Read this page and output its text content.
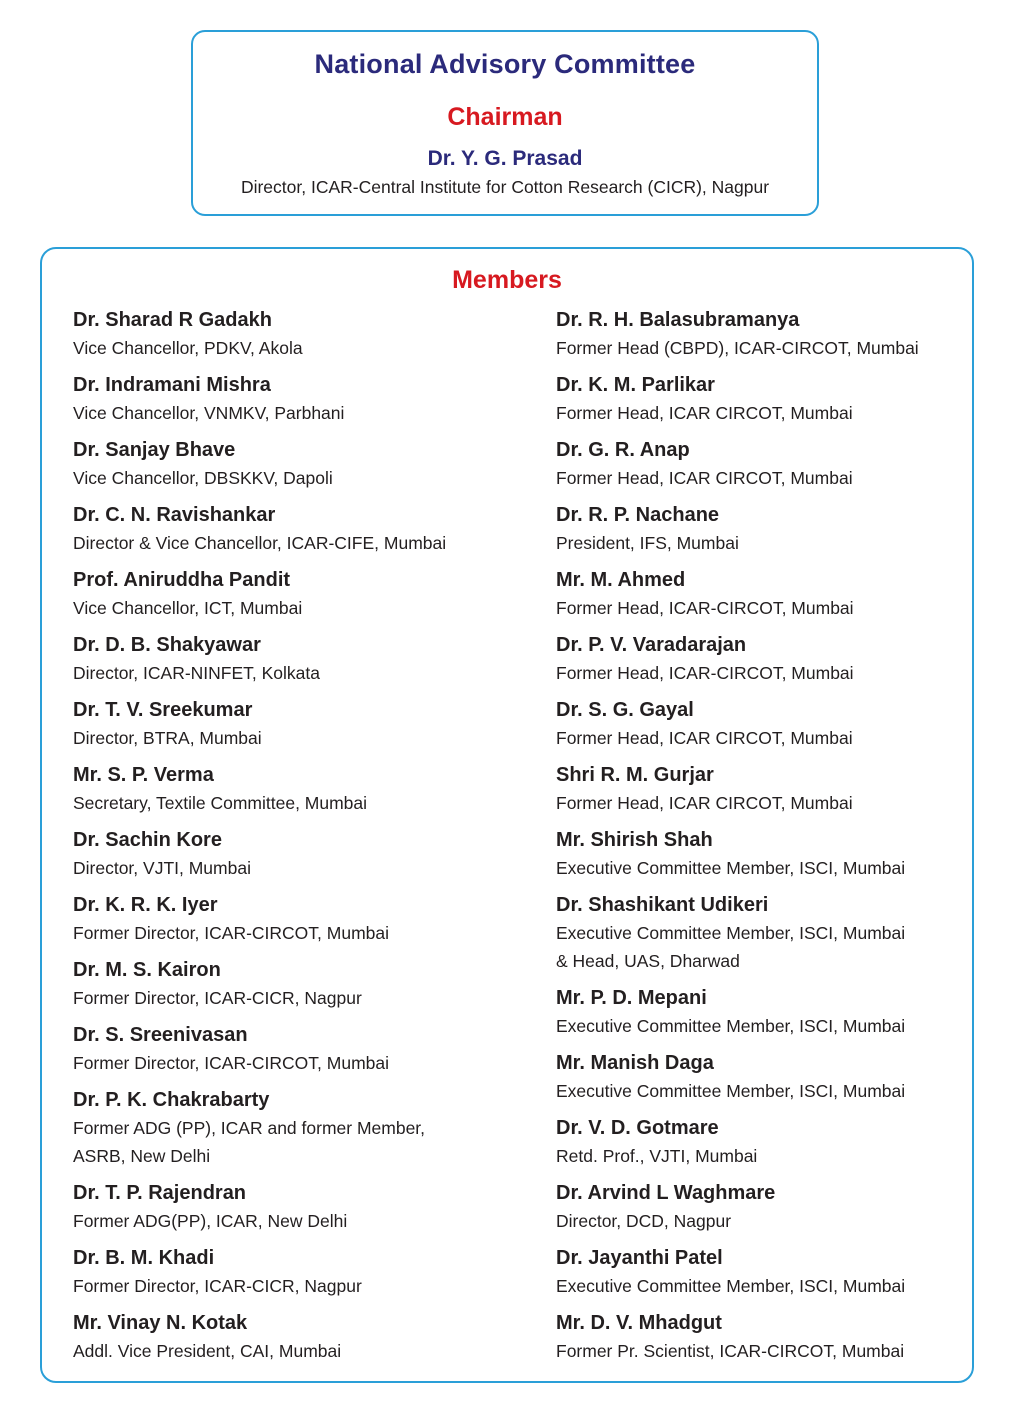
National Advisory Committee
Chairman
Dr. Y. G. Prasad
Director, ICAR-Central Institute for Cotton Research (CICR), Nagpur
Members
Dr. Sharad R Gadakh
Vice Chancellor, PDKV, Akola
Dr. Indramani Mishra
Vice Chancellor, VNMKV, Parbhani
Dr. Sanjay Bhave
Vice Chancellor, DBSKKV, Dapoli
Dr. C. N. Ravishankar
Director & Vice Chancellor, ICAR-CIFE, Mumbai
Prof. Aniruddha Pandit
Vice Chancellor, ICT, Mumbai
Dr. D. B. Shakyawar
Director, ICAR-NINFET, Kolkata
Dr. T. V. Sreekumar
Director, BTRA, Mumbai
Mr. S. P. Verma
Secretary, Textile Committee, Mumbai
Dr. Sachin Kore
Director, VJTI, Mumbai
Dr. K. R. K. Iyer
Former Director, ICAR-CIRCOT, Mumbai
Dr. M. S. Kairon
Former Director, ICAR-CICR, Nagpur
Dr. S. Sreenivasan
Former Director, ICAR-CIRCOT, Mumbai
Dr. P. K. Chakrabarty
Former ADG (PP), ICAR and former Member,
ASRB, New Delhi
Dr. T. P. Rajendran
Former ADG(PP), ICAR, New Delhi
Dr. B. M. Khadi
Former Director, ICAR-CICR, Nagpur
Mr. Vinay N. Kotak
Addl. Vice President, CAI, Mumbai
Dr. R. H. Balasubramanya
Former Head (CBPD), ICAR-CIRCOT, Mumbai
Dr. K. M. Parlikar
Former Head, ICAR CIRCOT, Mumbai
Dr. G. R. Anap
Former Head, ICAR CIRCOT, Mumbai
Dr. R. P. Nachane
President, IFS, Mumbai
Mr. M. Ahmed
Former Head, ICAR-CIRCOT, Mumbai
Dr. P. V. Varadarajan
Former Head, ICAR-CIRCOT, Mumbai
Dr. S. G. Gayal
Former Head, ICAR CIRCOT, Mumbai
Shri R. M. Gurjar
Former Head, ICAR CIRCOT, Mumbai
Mr. Shirish Shah
Executive Committee Member, ISCI, Mumbai
Dr. Shashikant Udikeri
Executive Committee Member, ISCI, Mumbai
& Head, UAS, Dharwad
Mr. P. D. Mepani
Executive Committee Member, ISCI, Mumbai
Mr. Manish Daga
Executive Committee Member, ISCI, Mumbai
Dr. V. D. Gotmare
Retd. Prof., VJTI, Mumbai
Dr. Arvind L Waghmare
Director, DCD, Nagpur
Dr. Jayanthi Patel
Executive Committee Member, ISCI, Mumbai
Mr. D. V. Mhadgut
Former Pr. Scientist, ICAR-CIRCOT, Mumbai
